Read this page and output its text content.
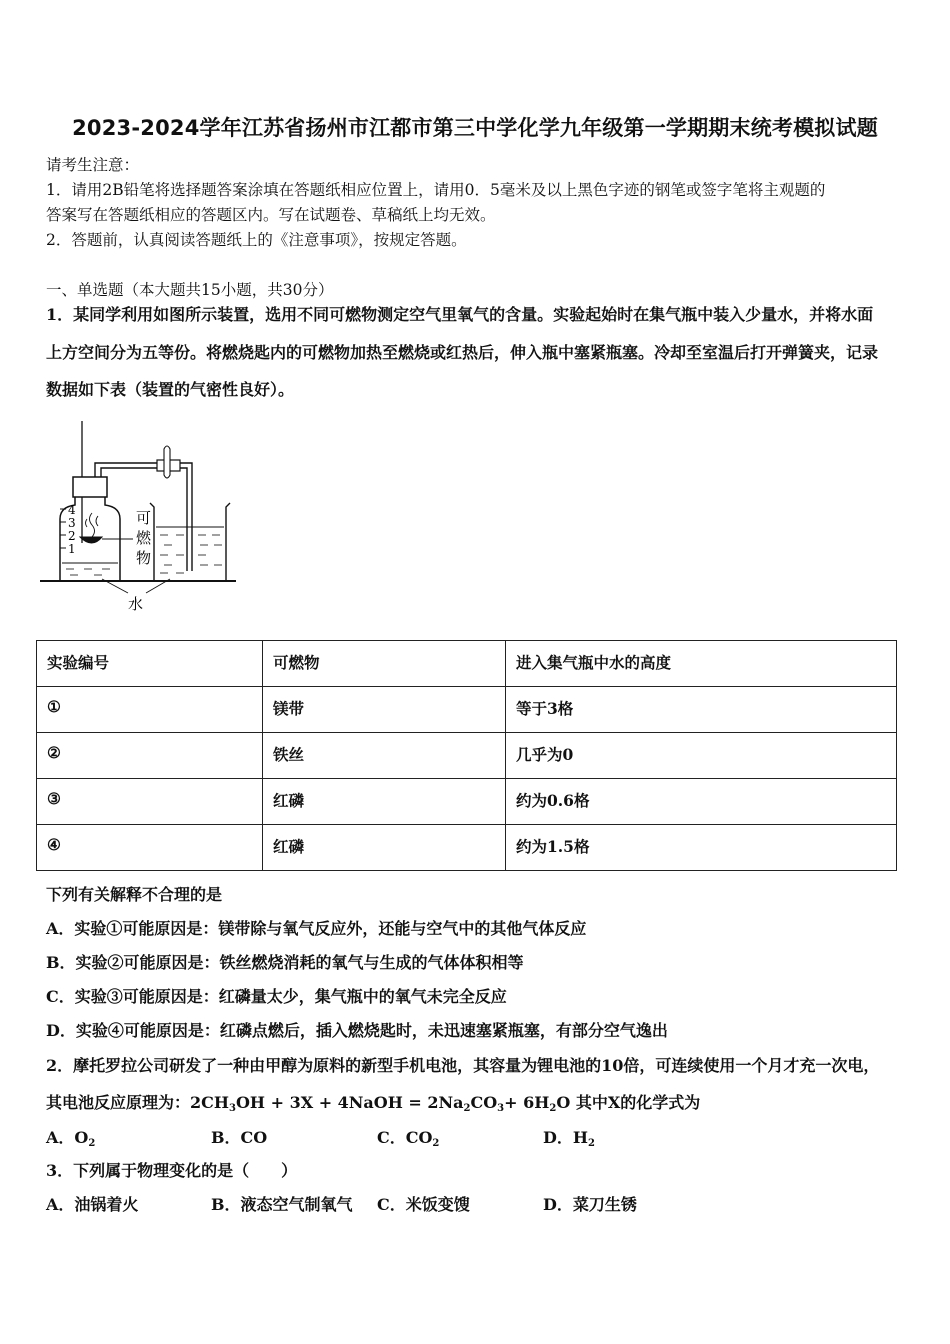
2023-2024学年江苏省扬州市江都市第三中学化学九年级第一学期期末统考模拟试题
请考生注意：
1．请用2B铅笔将选择题答案涂填在答题纸相应位置上，请用0．5毫米及以上黑色字迹的钢笔或签字笔将主观题的
答案写在答题纸相应的答题区内。写在试题卷、草稿纸上均无效。
2．答题前，认真阅读答题纸上的《注意事项》，按规定答题。
一、单选题（本大题共15小题，共30分）
1．某同学利用如图所示装置，选用不同可燃物测定空气里氧气的含量。实验起始时在集气瓶中装入少量水，并将水面
上方空间分为五等份。将燃烧匙内的可燃物加热至燃烧或红热后，伸入瓶中塞紧瓶塞。冷却至室温后打开弹簧夹，记录
数据如下表（装置的气密性良好）。
4
3
2
1
可
燃
物
水
实验编号	可燃物	进入集气瓶中水的高度
①	镁带	等于3格
②	铁丝	几乎为0
③	红磷	约为0.6格
④	红磷	约为1.5格
下列有关解释不合理的是
A．实验①可能原因是：镁带除与氧气反应外，还能与空气中的其他气体反应
B．实验②可能原因是：铁丝燃烧消耗的氧气与生成的气体体积相等
C．实验③可能原因是：红磷量太少，集气瓶中的氧气未完全反应
D．实验④可能原因是：红磷点燃后，插入燃烧匙时，未迅速塞紧瓶塞，有部分空气逸出
2．摩托罗拉公司研发了一种由甲醇为原料的新型手机电池，其容量为锂电池的10倍，可连续使用一个月才充一次电，
其电池反应原理为：$2CH_3OH + 3X$ + 4NaOH = $2Na_2CO_3+ 6H_2O$ 其中X的化学式为
A．$O_2$	B．CO	C．$CO_2$	D．$H_2$
3．下列属于物理变化的是（　　）
A．油锅着火	B．液态空气制氧气 C．米饭变馊	D．菜刀生锈
